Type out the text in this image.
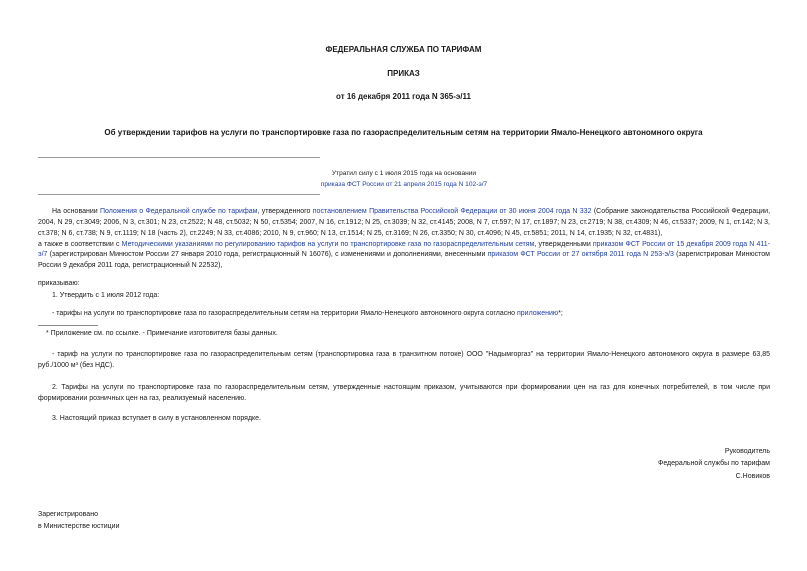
ФЕДЕРАЛЬНАЯ СЛУЖБА ПО ТАРИФАМ
ПРИКАЗ
от 16 декабря 2011 года N 365-э/11
Об утверждении тарифов на услуги по транспортировке газа по газораспределительным сетям на территории Ямало-Ненецкого автономного округа
Утратил силу с 1 июля 2015 года на основании
приказа ФСТ России от 21 апреля 2015 года N 102-э/7
На основании Положения о Федеральной службе по тарифам, утвержденного постановлением Правительства Российской Федерации от 30 июня 2004 года N 332 (Собрание законодательства Российской Федерации, 2004, N 29, ст.3049; 2006, N 3, ст.301; N 23, ст.2522; N 48, ст.5032; N 50, ст.5354; 2007, N 16, ст.1912; N 25, ст.3039; N 32, ст.4145; 2008, N 7, ст.597; N 17, ст.1897; N 23, ст.2719; N 38, ст.4309; N 46, ст.5337; 2009, N 1, ст.142; N 3, ст.378; N 6, ст.738; N 9, ст.1119; N 18 (часть 2), ст.2249; N 33, ст.4086; 2010, N 9, ст.960; N 13, ст.1514; N 25, ст.3169; N 26, ст.3350; N 30, ст.4096; N 45, ст.5851; 2011, N 14, ст.1935; N 32, ст.4831),
а также в соответствии с Методическими указаниями по регулированию тарифов на услуги по транспортировке газа по газораспределительным сетям, утвержденными приказом ФСТ России от 15 декабря 2009 года N 411-э/7 (зарегистрирован Минюстом России 27 января 2010 года, регистрационный N 16076), с изменениями и дополнениями, внесенными приказом ФСТ России от 27 октября 2011 года N 253-э/3 (зарегистрирован Минюстом России 9 декабря 2011 года, регистрационный N 22532),
приказываю:
1. Утвердить с 1 июля 2012 года:
- тарифы на услуги по транспортировке газа по газораспределительным сетям на территории Ямало-Ненецкого автономного округа согласно приложению*;
* Приложение см. по ссылке. - Примечание изготовителя базы данных.
- тариф на услуги по транспортировке газа по газораспределительным сетям (транспортировка газа в транзитном потоке) ООО "Надымгоргаз" на территории Ямало-Ненецкого автономного округа в размере 63,85 руб./1000 м³ (без НДС).
2. Тарифы на услуги по транспортировке газа по газораспределительным сетям, утвержденные настоящим приказом, учитываются при формировании цен на газ для конечных потребителей, в том числе при формировании розничных цен на газ, реализуемый населению.
3. Настоящий приказ вступает в силу в установленном порядке.
Руководитель
Федеральной службы по тарифам
С.Новиков
Зарегистрировано
в Министерстве юстиции
